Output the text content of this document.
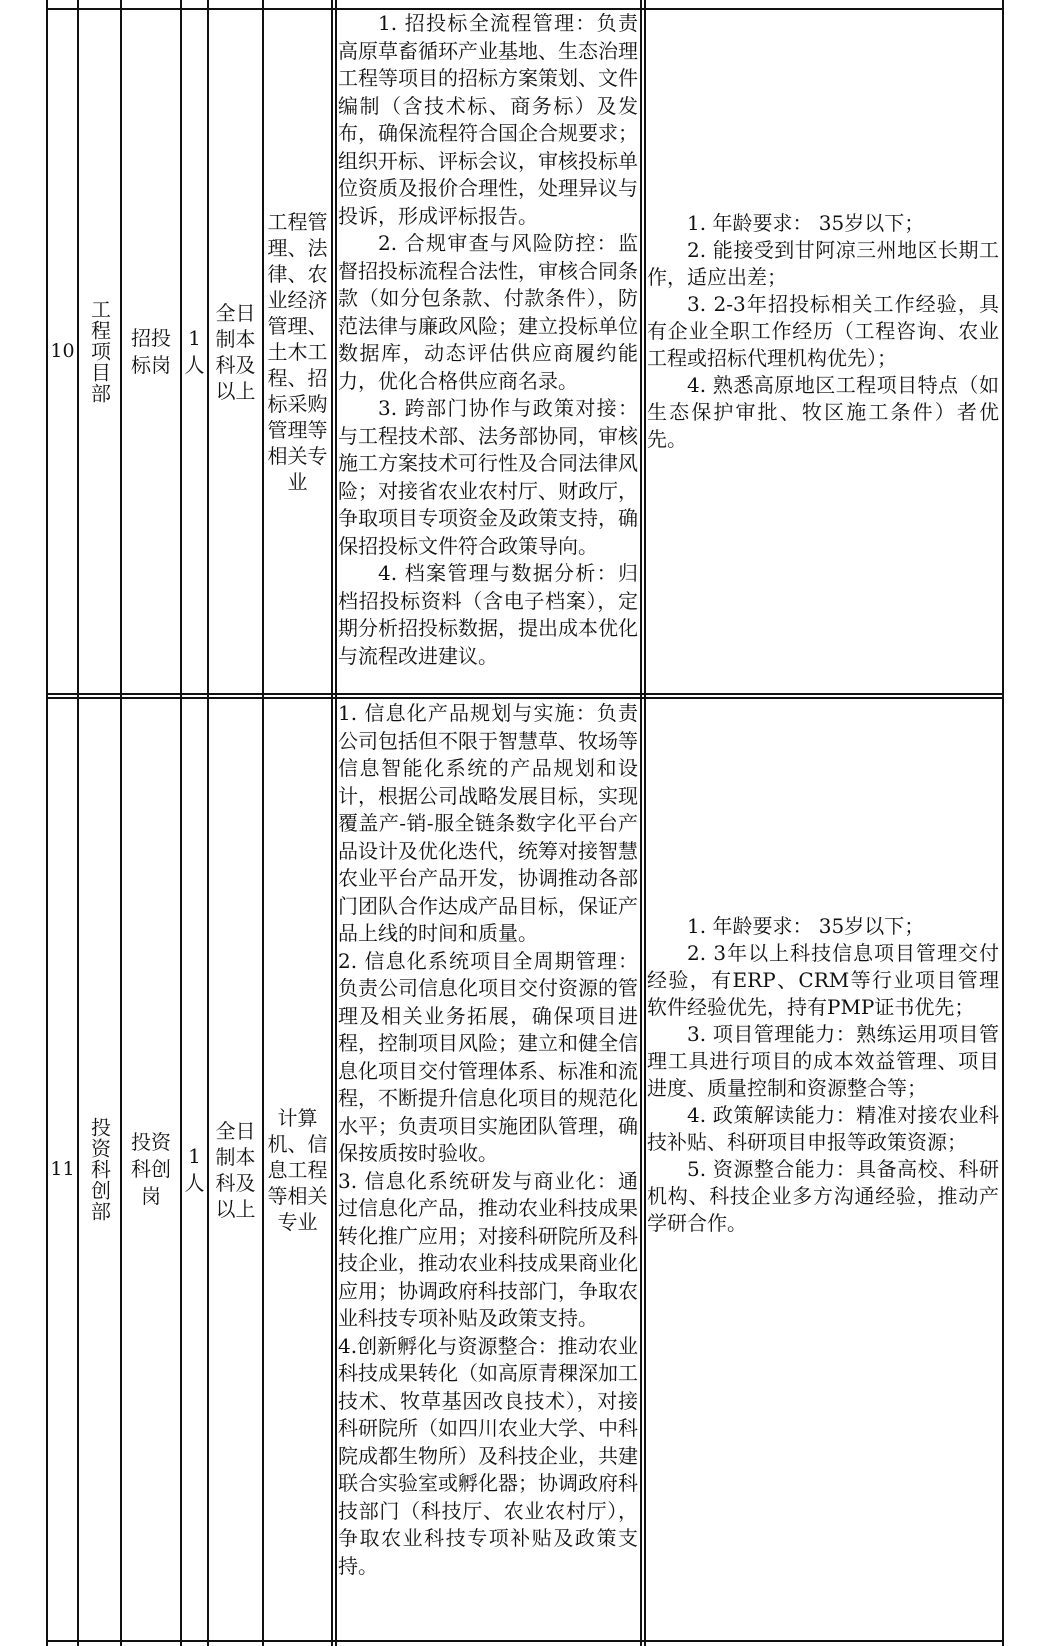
10 工程项目部 招投标岗
1人
全日制本科及以上
工程管理、法律、农业经济管理、土木工程、招标采购管理等相关专业

1. 招投标全流程管理：负责高原草畜循环产业基地、生态治理工程等项目的招标方案策划、文件编制（含技术标、商务标）及发布，确保流程符合国企合规要求；组织开标、评标会议，审核投标单位资质及报价合理性，处理异议与投诉，形成评标报告。

2. 合规审查与风险防控：监督招投标流程合法性，审核合同条款（如分包条款、付款条件），防范法律与廉政风险；建立投标单位数据库，动态评估供应商履约能力，优化合格供应商名录。

3. 跨部门协作与政策对接：与工程技术部、法务部协同，审核施工方案技术可行性及合同法律风险；对接省农业农村厅、财政厅，争取项目专项资金及政策支持，确保招投标文件符合政策导向。

4. 档案管理与数据分析：归档招投标资料（含电子档案），定期分析招投标数据，提出成本优化与流程改进建议。

1. 年龄要求： 35岁以下；

2. 能接受到甘阿凉三州地区长期工作，适应出差；

3. 2-3年招投标相关工作经验，具有企业全职工作经历（工程咨询、农业工程或招标代理机构优先）；

4. 熟悉高原地区工程项目特点（如生态保护审批、牧区施工条件）者优先。

11 投资科创部 投资科创岗
1人
全日制本科及以上
计算机、信息工程等相关专业

1. 信息化产品规划与实施：负责公司包括但不限于智慧草、牧场等信息智能化系统的产品规划和设计，根据公司战略发展目标，实现覆盖产-销-服全链条数字化平台产品设计及优化迭代，统筹对接智慧农业平台产品开发，协调推动各部门团队合作达成产品目标，保证产品上线的时间和质量。

2. 信息化系统项目全周期管理：负责公司信息化项目交付资源的管理及相关业务拓展，确保项目进程，控制项目风险；建立和健全信息化项目交付管理体系、标准和流程，不断提升信息化项目的规范化水平；负责项目实施团队管理，确保按质按时验收。

3. 信息化系统研发与商业化：通过信息化产品，推动农业科技成果转化推广应用；对接科研院所及科技企业，推动农业科技成果商业化应用；协调政府科技部门，争取农业科技专项补贴及政策支持。

4.创新孵化与资源整合：推动农业科技成果转化（如高原青稞深加工技术、牧草基因改良技术），对接科研院所（如四川农业大学、中科院成都生物所）及科技企业，共建联合实验室或孵化器；协调政府科技部门（科技厅、农业农村厅），争取农业科技专项补贴及政策支持。

1. 年龄要求： 35岁以下；

2. 3年以上科技信息项目管理交付经验，有ERP、CRM等行业项目管理软件经验优先，持有PMP证书优先；

3. 项目管理能力：熟练运用项目管理工具进行项目的成本效益管理、项目进度、质量控制和资源整合等；

4. 政策解读能力：精准对接农业科技补贴、科研项目申报等政策资源；

5. 资源整合能力：具备高校、科研机构、科技企业多方沟通经验，推动产学研合作。
